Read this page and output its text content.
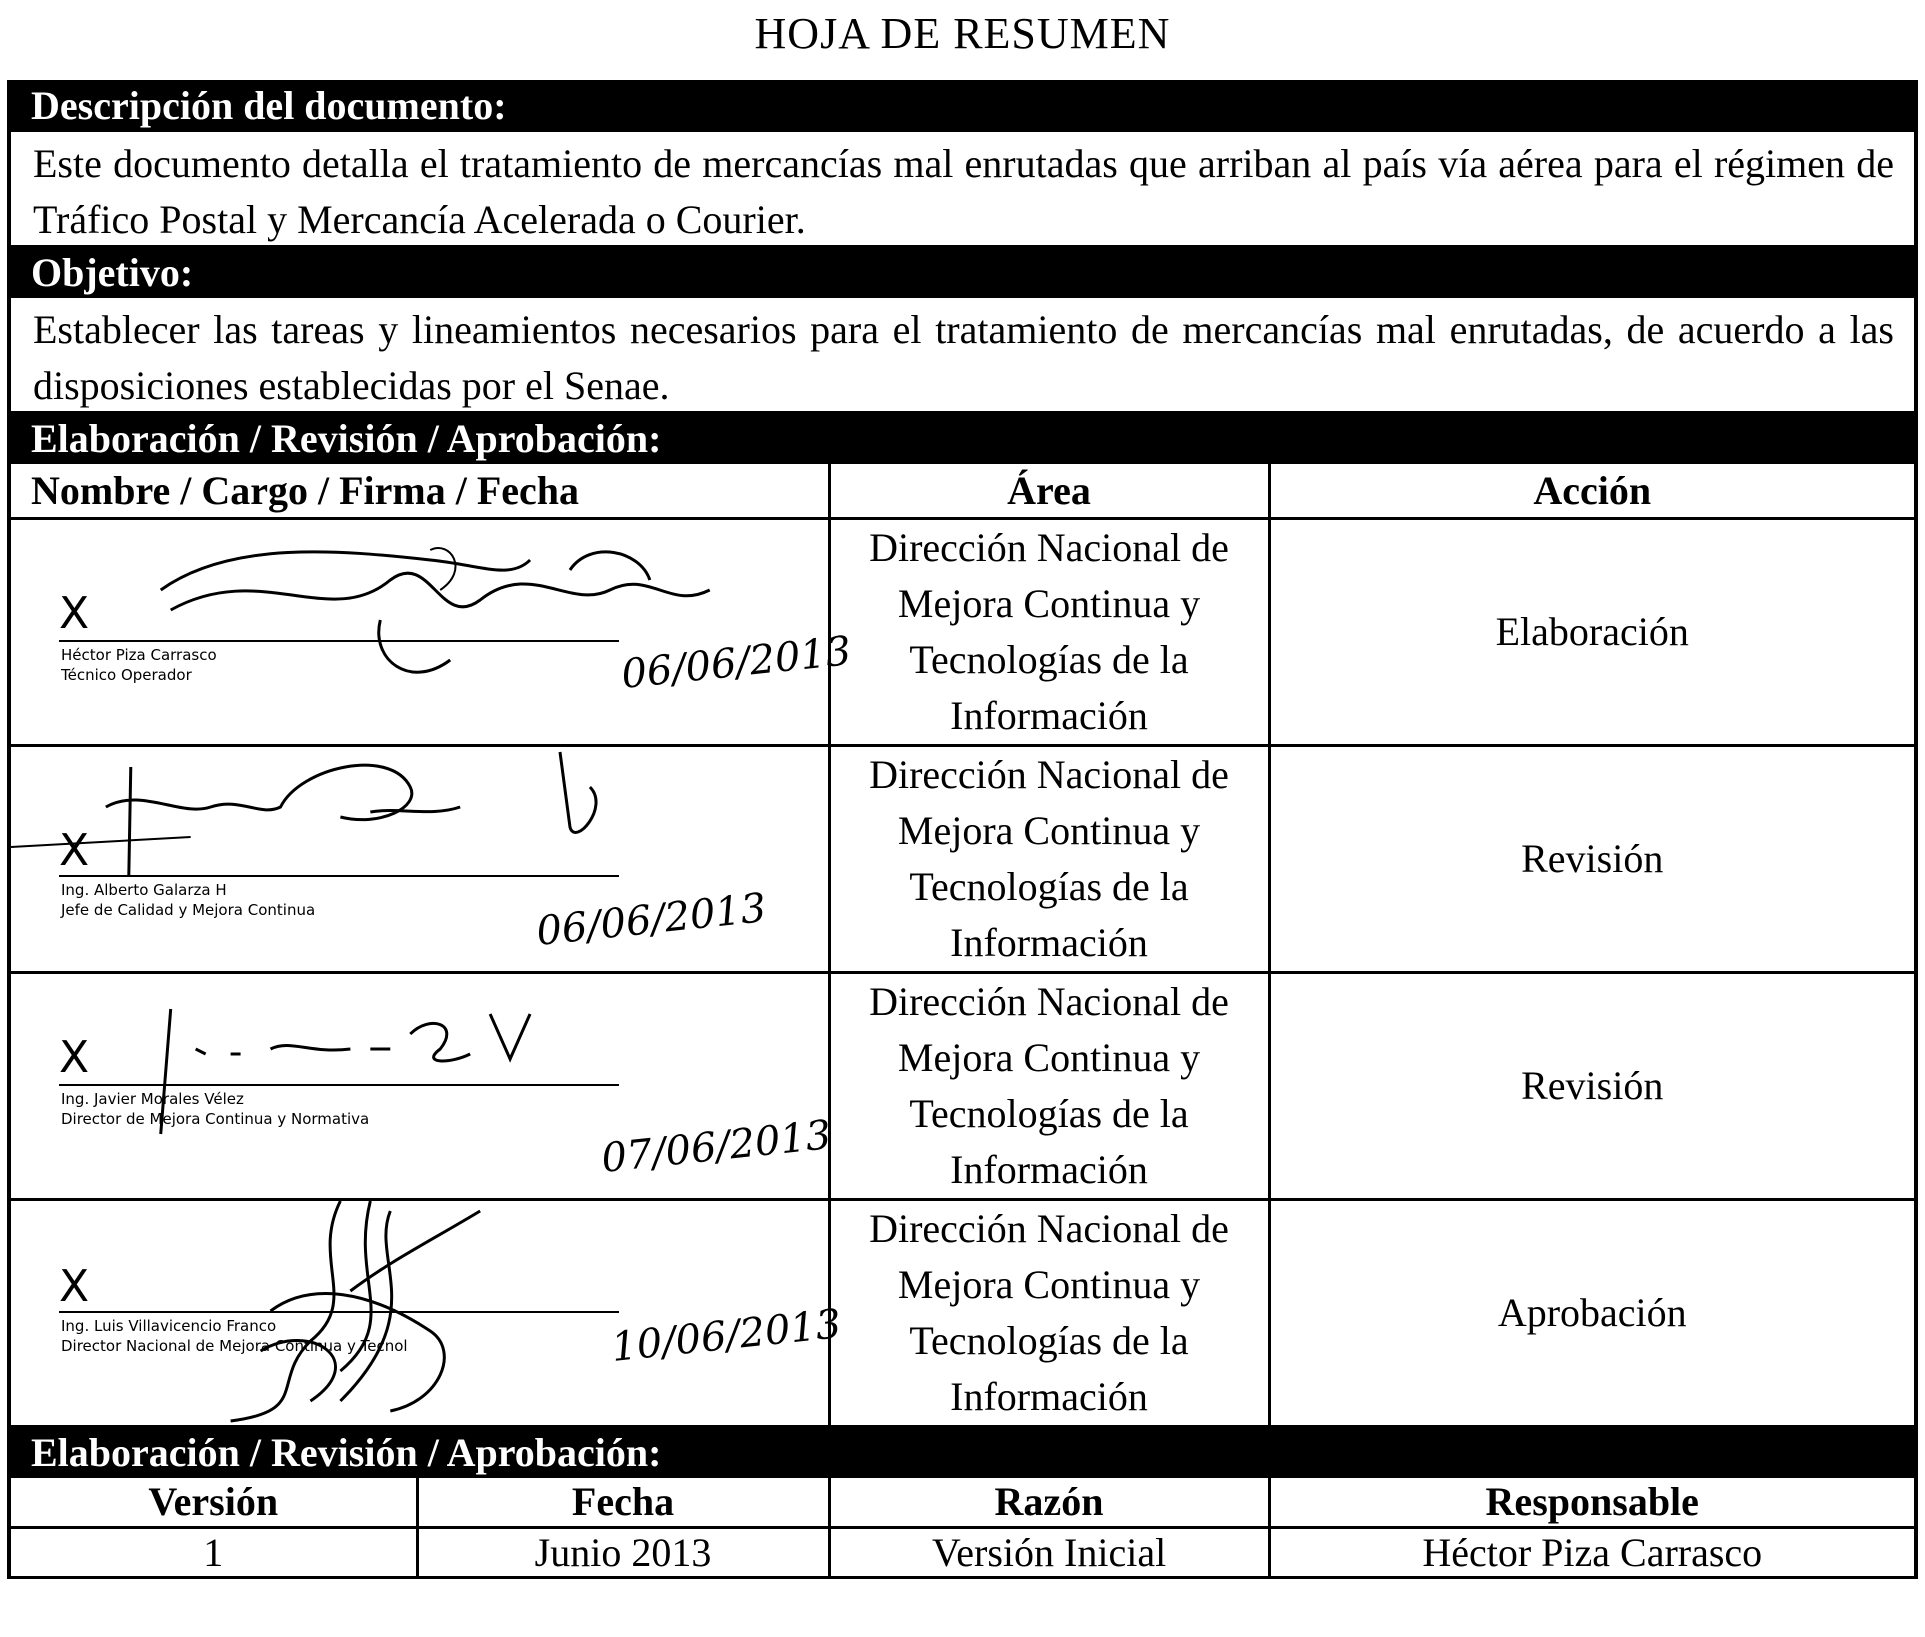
HOJA DE RESUMEN
Descripción del documento:
Este documento detalla el tratamiento de mercancías mal enrutadas que arriban al país vía aérea para el régimen de Tráfico Postal y Mercancía Acelerada o Courier.
Objetivo:
Establecer las tareas y lineamientos necesarios para el tratamiento de mercancías mal enrutadas, de acuerdo a las disposiciones establecidas por el Senae.
Elaboración / Revisión / Aprobación:
Nombre / Cargo / Firma / Fecha	Área	Acción

X
Héctor Piza Carrasco
Técnico Operador 06/06/2013	Dirección Nacional de Mejora Continua y Tecnologías de la Información	Elaboración

X
Ing. Alberto Galarza H
Jefe de Calidad y Mejora Continua 06/06/2013	Dirección Nacional de Mejora Continua y Tecnologías de la Información	Revisión

X
Ing. Javier Morales Vélez
Director de Mejora Continua y Normativa 07/06/2013	Dirección Nacional de Mejora Continua y Tecnologías de la Información	Revisión

X
Ing. Luis Villavicencio Franco
Director Nacional de Mejora Continua y Tecnol 10/06/2013	Dirección Nacional de Mejora Continua y Tecnologías de la Información	Aprobación
Elaboración / Revisión / Aprobación:
Versión	Fecha	Razón	Responsable
1	Junio 2013	Versión Inicial	Héctor Piza Carrasco
